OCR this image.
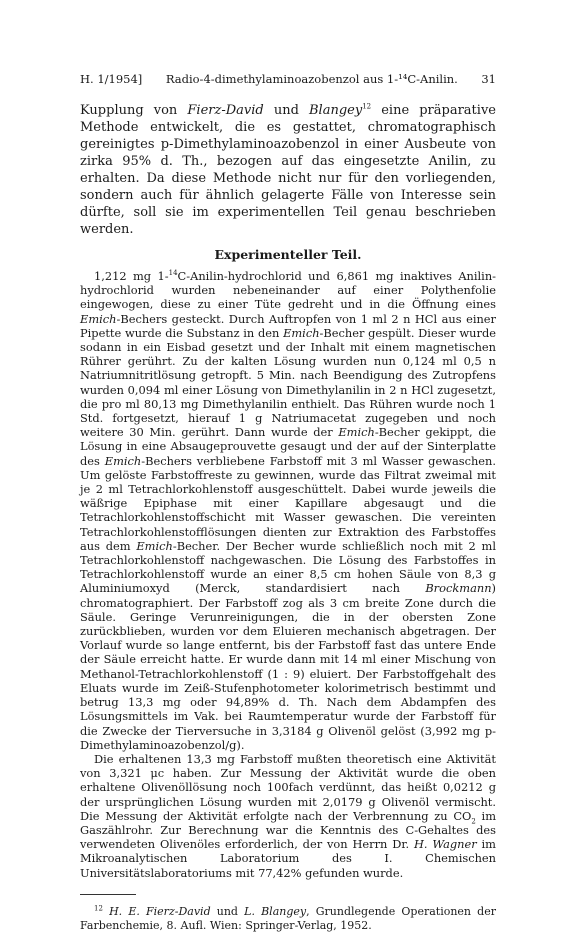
H. 1/1954]	Radio-4-dimethylaminoazobenzol aus 1-¹⁴C-Anilin.	31

Kupplung von Fierz-David und Blangey$^{12}$ eine präparative Methode entwickelt, die es gestattet, chromatographisch gereinigtes p-Dimethylaminoazobenzol in einer Ausbeute von zirka 95% d. Th., bezogen auf das eingesetzte Anilin, zu erhalten. Da diese Methode nicht nur für den vorliegenden, sondern auch für ähnlich gelagerte Fälle von Interesse sein dürfte, soll sie im experimentellen Teil genau beschrieben werden.

Experimenteller Teil.

1,212 mg 1-$^{14}$C-Anilin-hydrochlorid und 6,861 mg inaktives Anilin-hydrochlorid wurden nebeneinander auf einer Polythenfolie eingewogen, diese zu einer Tüte gedreht und in die Öffnung eines Emich-Bechers gesteckt. Durch Auftropfen von 1 ml 2 n HCl aus einer Pipette wurde die Substanz in den Emich-Becher gespült. Dieser wurde sodann in ein Eisbad gesetzt und der Inhalt mit einem magnetischen Rührer gerührt. Zu der kalten Lösung wurden nun 0,124 ml 0,5 n Natriumnitritlösung getropft. 5 Min. nach Beendigung des Zutropfens wurden 0,094 ml einer Lösung von Dimethylanilin in 2 n HCl zugesetzt, die pro ml 80,13 mg Dimethylanilin enthielt. Das Rühren wurde noch 1 Std. fortgesetzt, hierauf 1 g Natriumacetat zugegeben und noch weitere 30 Min. gerührt. Dann wurde der Emich-Becher gekippt, die Lösung in eine Absaugeprouvette gesaugt und der auf der Sinterplatte des Emich-Bechers verbliebene Farbstoff mit 3 ml Wasser gewaschen. Um gelöste Farbstoffreste zu gewinnen, wurde das Filtrat zweimal mit je 2 ml Tetrachlorkohlenstoff ausgeschüttelt. Dabei wurde jeweils die wäßrige Epiphase mit einer Kapillare abgesaugt und die Tetrachlorkohlenstoffschicht mit Wasser gewaschen. Die vereinten Tetrachlorkohlenstofflösungen dienten zur Extraktion des Farbstoffes aus dem Emich-Becher. Der Becher wurde schließlich noch mit 2 ml Tetrachlorkohlenstoff nachgewaschen. Die Lösung des Farbstoffes in Tetrachlorkohlenstoff wurde an einer 8,5 cm hohen Säule von 8,3 g Aluminiumoxyd (Merck, standardisiert nach Brockmann) chromatographiert. Der Farbstoff zog als 3 cm breite Zone durch die Säule. Geringe Verunreinigungen, die in der obersten Zone zurückblieben, wurden vor dem Eluieren mechanisch abgetragen. Der Vorlauf wurde so lange entfernt, bis der Farbstoff fast das untere Ende der Säule erreicht hatte. Er wurde dann mit 14 ml einer Mischung von Methanol-Tetrachlorkohlenstoff (1 : 9) eluiert. Der Farbstoffgehalt des Eluats wurde im Zeiß-Stufenphotometer kolorimetrisch bestimmt und betrug 13,3 mg oder 94,89% d. Th. Nach dem Abdampfen des Lösungsmittels im Vak. bei Raumtemperatur wurde der Farbstoff für die Zwecke der Tierversuche in 3,3184 g Olivenöl gelöst (3,992 mg p-Dimethylaminoazobenzol/g).

Die erhaltenen 13,3 mg Farbstoff mußten theoretisch eine Aktivität von 3,321 μc haben. Zur Messung der Aktivität wurde die oben erhaltene Olivenöllösung noch 100fach verdünnt, das heißt 0,0212 g der ursprünglichen Lösung wurden mit 2,0179 g Olivenöl vermischt. Die Messung der Aktivität erfolgte nach der Verbrennung zu $CO_2$ im Gaszählrohr. Zur Berechnung war die Kenntnis des C-Gehaltes des verwendeten Olivenöles erforderlich, der von Herrn Dr. H. Wagner im Mikroanalytischen Laboratorium des I. Chemischen Universitätslaboratoriums mit 77,42% gefunden wurde.

$^{12}$ H. E. Fierz-David und L. Blangey, Grundlegende Operationen der Farbenchemie, 8. Aufl. Wien: Springer-Verlag, 1952.
